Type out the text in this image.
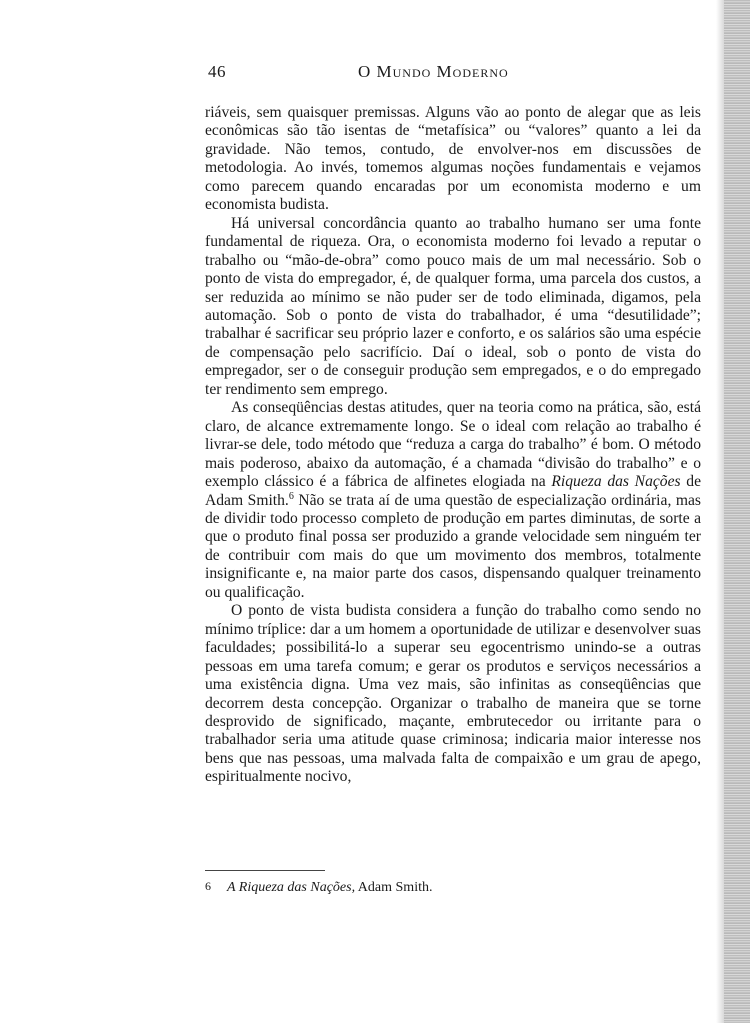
46	O Mundo Moderno

riáveis, sem quaisquer premissas. Alguns vão ao ponto de alegar que as leis econômicas são tão isentas de “metafísica” ou “valores” quanto a lei da gravidade. Não temos, contudo, de envolver-nos em discussões de metodologia. Ao invés, tomemos algumas noções fundamentais e vejamos como parecem quando encaradas por um economista moderno e um economista budista.

Há universal concordância quanto ao trabalho humano ser uma fonte fundamental de riqueza. Ora, o economista moderno foi levado a reputar o trabalho ou “mão-de-obra” como pouco mais de um mal necessário. Sob o ponto de vista do empregador, é, de qualquer forma, uma parcela dos custos, a ser reduzida ao mínimo se não puder ser de todo eliminada, digamos, pela automação. Sob o ponto de vista do trabalhador, é uma “desutilidade”; trabalhar é sacrificar seu próprio lazer e conforto, e os salários são uma espécie de compensação pelo sacrifício. Daí o ideal, sob o ponto de vista do empregador, ser o de conseguir produção sem empregados, e o do empregado ter rendimento sem emprego.

As conseqüências destas atitudes, quer na teoria como na prática, são, está claro, de alcance extremamente longo. Se o ideal com relação ao trabalho é livrar-se dele, todo método que “reduza a carga do trabalho” é bom. O método mais poderoso, abaixo da automação, é a chamada “divisão do trabalho” e o exemplo clássico é a fábrica de alfinetes elogiada na Riqueza das Nações de Adam Smith.$^6$ Não se trata aí de uma questão de especialização ordinária, mas de dividir todo processo completo de produção em partes diminutas, de sorte a que o produto final possa ser produzido a grande velocidade sem ninguém ter de contribuir com mais do que um movimento dos membros, totalmente insignificante e, na maior parte dos casos, dispensando qualquer treinamento ou qualificação.

O ponto de vista budista considera a função do trabalho como sendo no mínimo tríplice: dar a um homem a oportunidade de utilizar e desenvolver suas faculdades; possibilitá-lo a superar seu egocentrismo unindo-se a outras pessoas em uma tarefa comum; e gerar os produtos e serviços necessários a uma existência digna. Uma vez mais, são infinitas as conseqüências que decorrem desta concepção. Organizar o trabalho de maneira que se torne desprovido de significado, maçante, embrutecedor ou irritante para o trabalhador seria uma atitude quase criminosa; indicaria maior interesse nos bens que nas pessoas, uma malvada falta de compaixão e um grau de apego, espiritualmente nocivo,

6 A Riqueza das Nações, Adam Smith.
